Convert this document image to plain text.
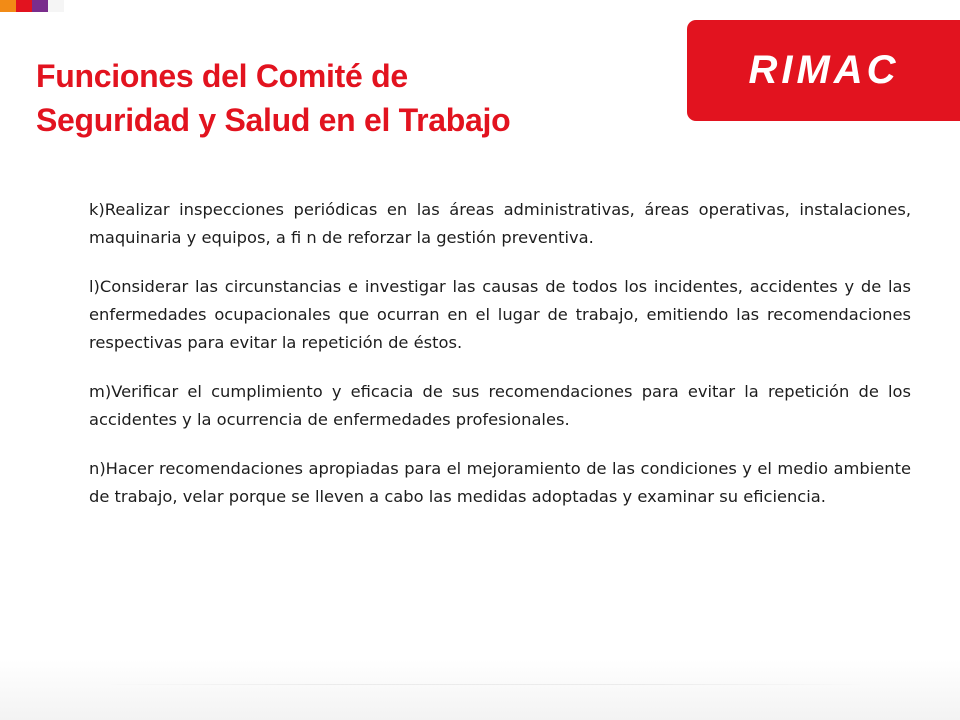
Funciones del Comité de
Seguridad y Salud en el Trabajo
RIMAC

k)Realizar inspecciones periódicas en las áreas administrativas, áreas operativas, instalaciones, maquinaria y equipos, a fi n de reforzar la gestión preventiva.

l)Considerar las circunstancias e investigar las causas de todos los incidentes, accidentes y de las enfermedades ocupacionales que ocurran en el lugar de trabajo, emitiendo las recomendaciones respectivas para evitar la repetición de éstos.

m)Verificar el cumplimiento y eficacia de sus recomendaciones para evitar la repetición de los accidentes y la ocurrencia de enfermedades profesionales.

n)Hacer recomendaciones apropiadas para el mejoramiento de las condiciones y el medio ambiente de trabajo, velar porque se lleven a cabo las medidas adoptadas y examinar su eficiencia.
